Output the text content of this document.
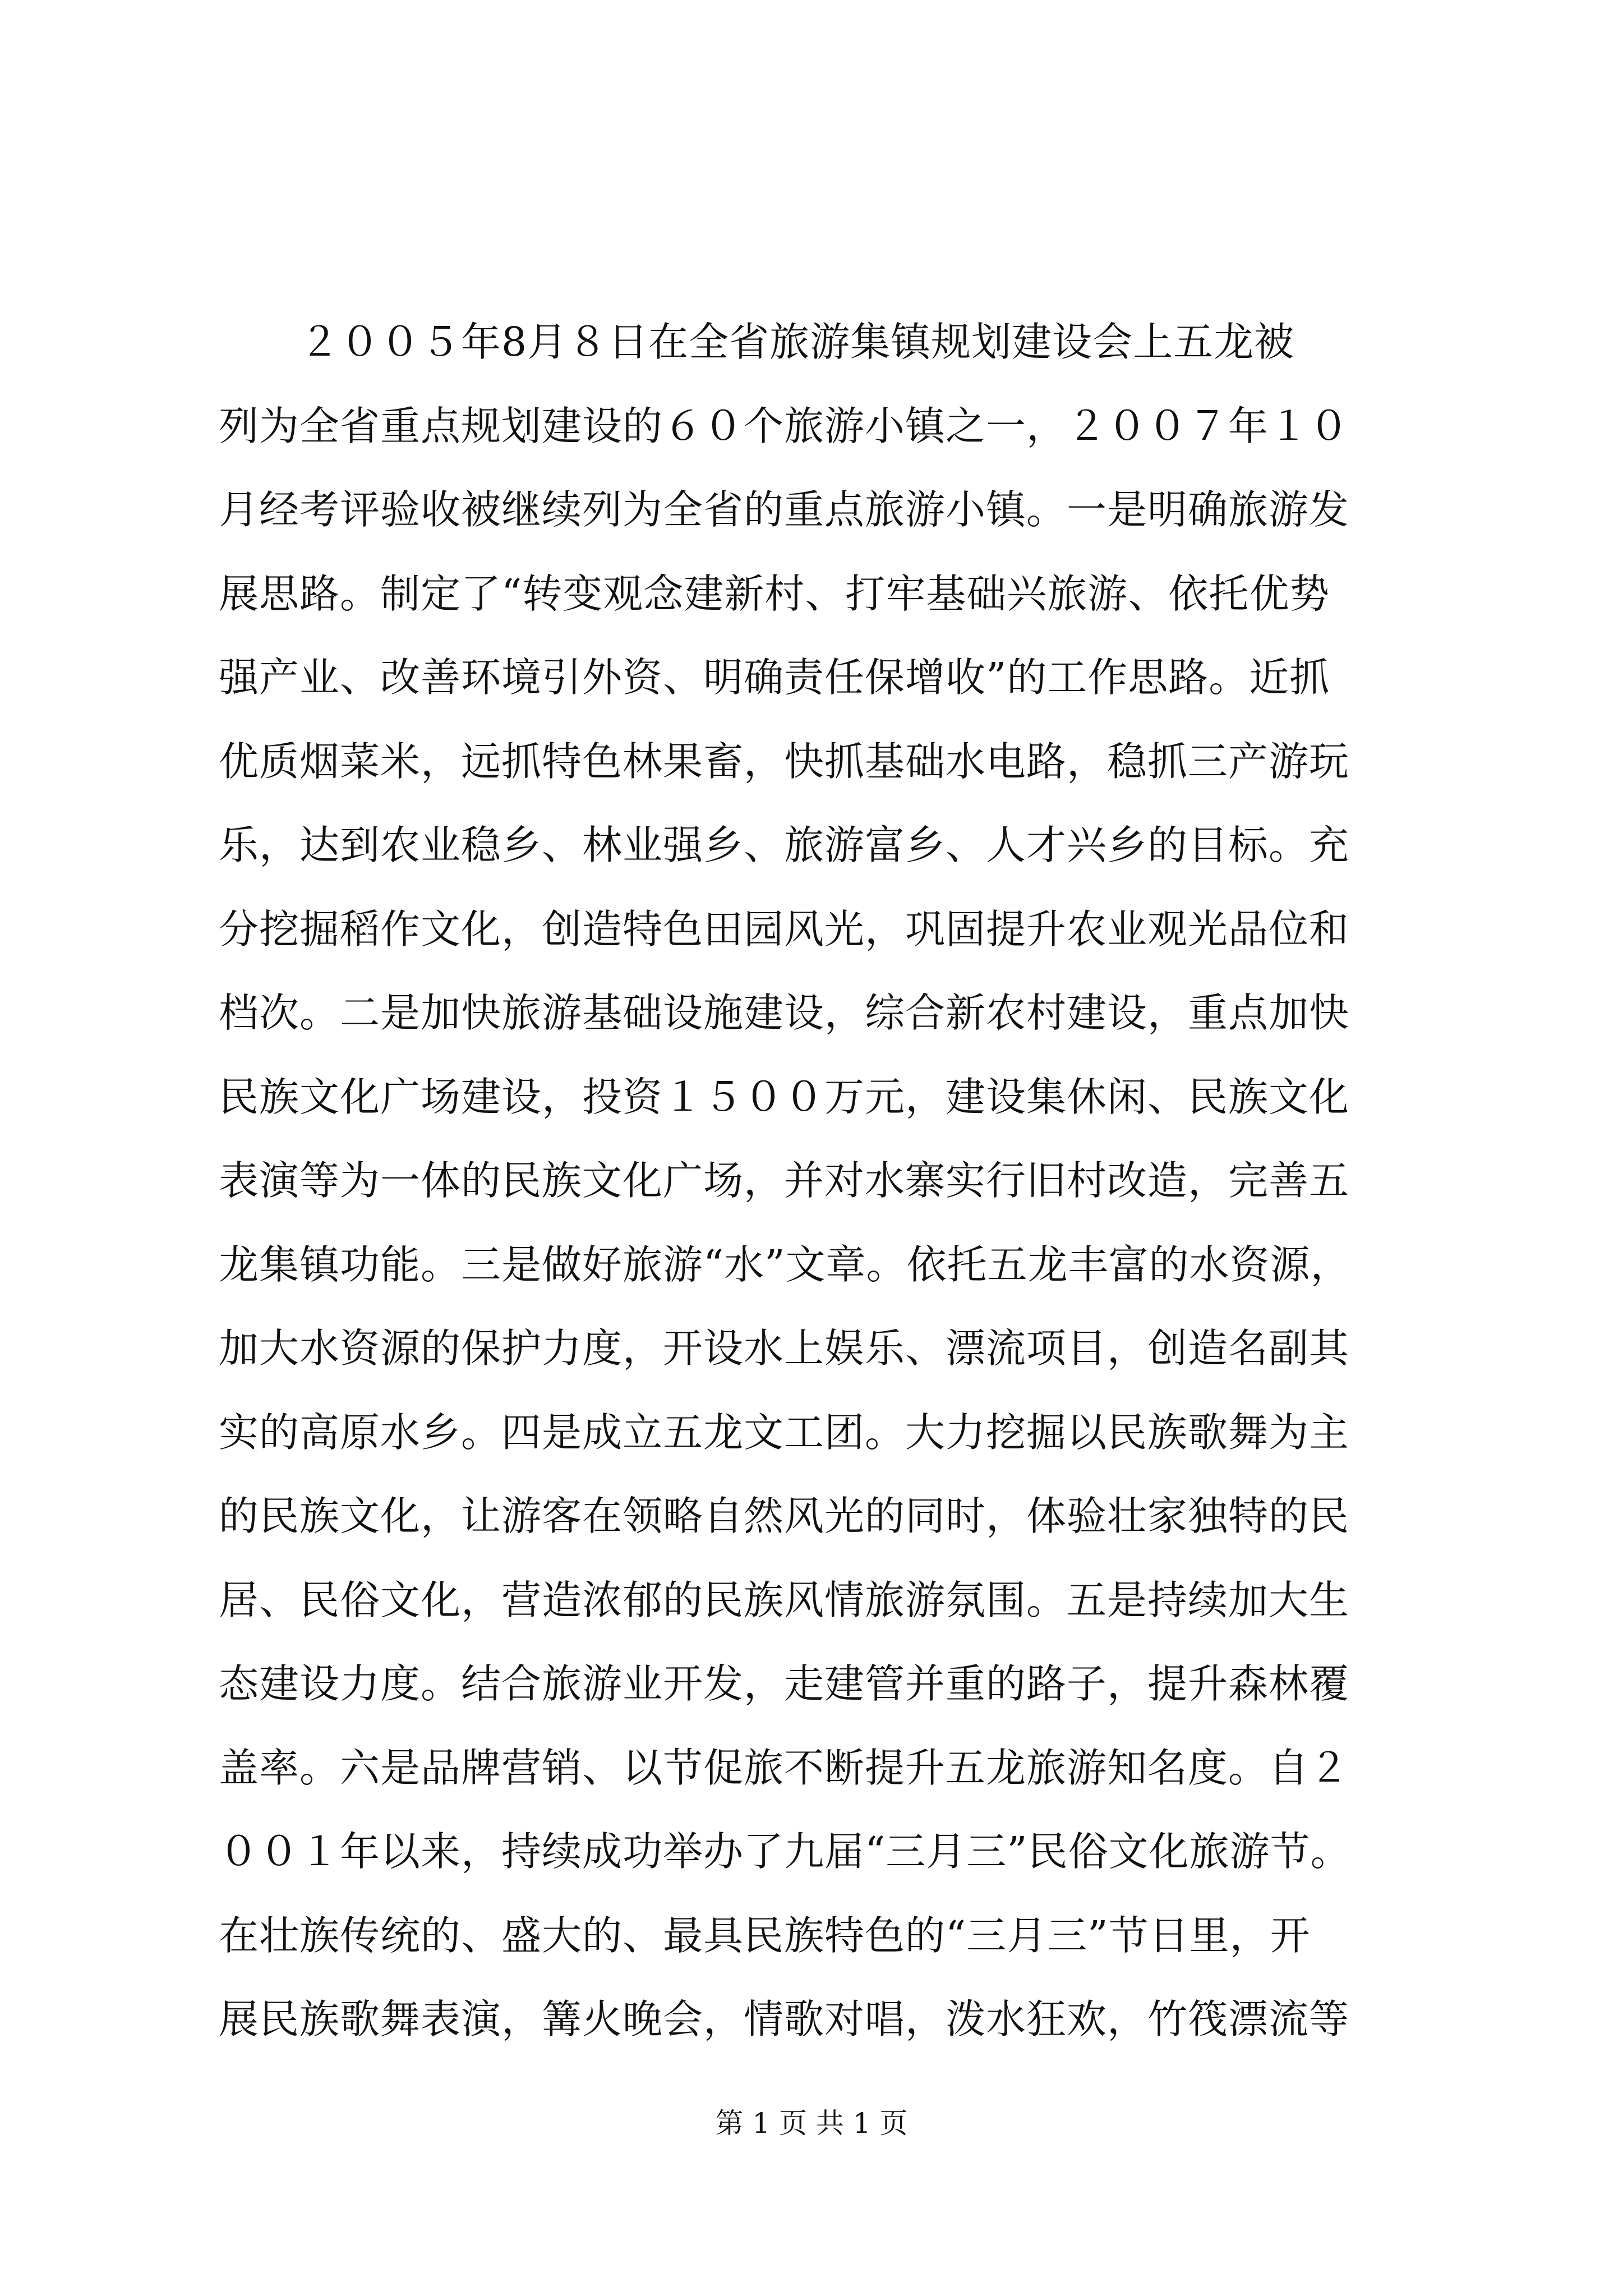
　　２００５年8月８日在全省旅游集镇规划建设会上五龙被
列为全省重点规划建设的６０个旅游小镇之一，２００７年１０
月经考评验收被继续列为全省的重点旅游小镇。一是明确旅游发
展思路。制定了“转变观念建新村、打牢基础兴旅游、依托优势
强产业、改善环境引外资、明确责任保增收”的工作思路。近抓
优质烟菜米，远抓特色林果畜，快抓基础水电路，稳抓三产游玩
乐，达到农业稳乡、林业强乡、旅游富乡、人才兴乡的目标。充
分挖掘稻作文化，创造特色田园风光，巩固提升农业观光品位和
档次。二是加快旅游基础设施建设，综合新农村建设，重点加快
民族文化广场建设，投资１５００万元，建设集休闲、民族文化
表演等为一体的民族文化广场，并对水寨实行旧村改造，完善五
龙集镇功能。三是做好旅游“水”文章。依托五龙丰富的水资源，
加大水资源的保护力度，开设水上娱乐、漂流项目，创造名副其
实的高原水乡。四是成立五龙文工团。大力挖掘以民族歌舞为主
的民族文化，让游客在领略自然风光的同时，体验壮家独特的民
居、民俗文化，营造浓郁的民族风情旅游氛围。五是持续加大生
态建设力度。结合旅游业开发，走建管并重的路子，提升森林覆
盖率。六是品牌营销、以节促旅不断提升五龙旅游知名度。自２
００１年以来，持续成功举办了九届“三月三”民俗文化旅游节。
在壮族传统的、盛大的、最具民族特色的“三月三”节日里，开
展民族歌舞表演，篝火晚会，情歌对唱，泼水狂欢，竹筏漂流等
第 1 页 共 1 页
